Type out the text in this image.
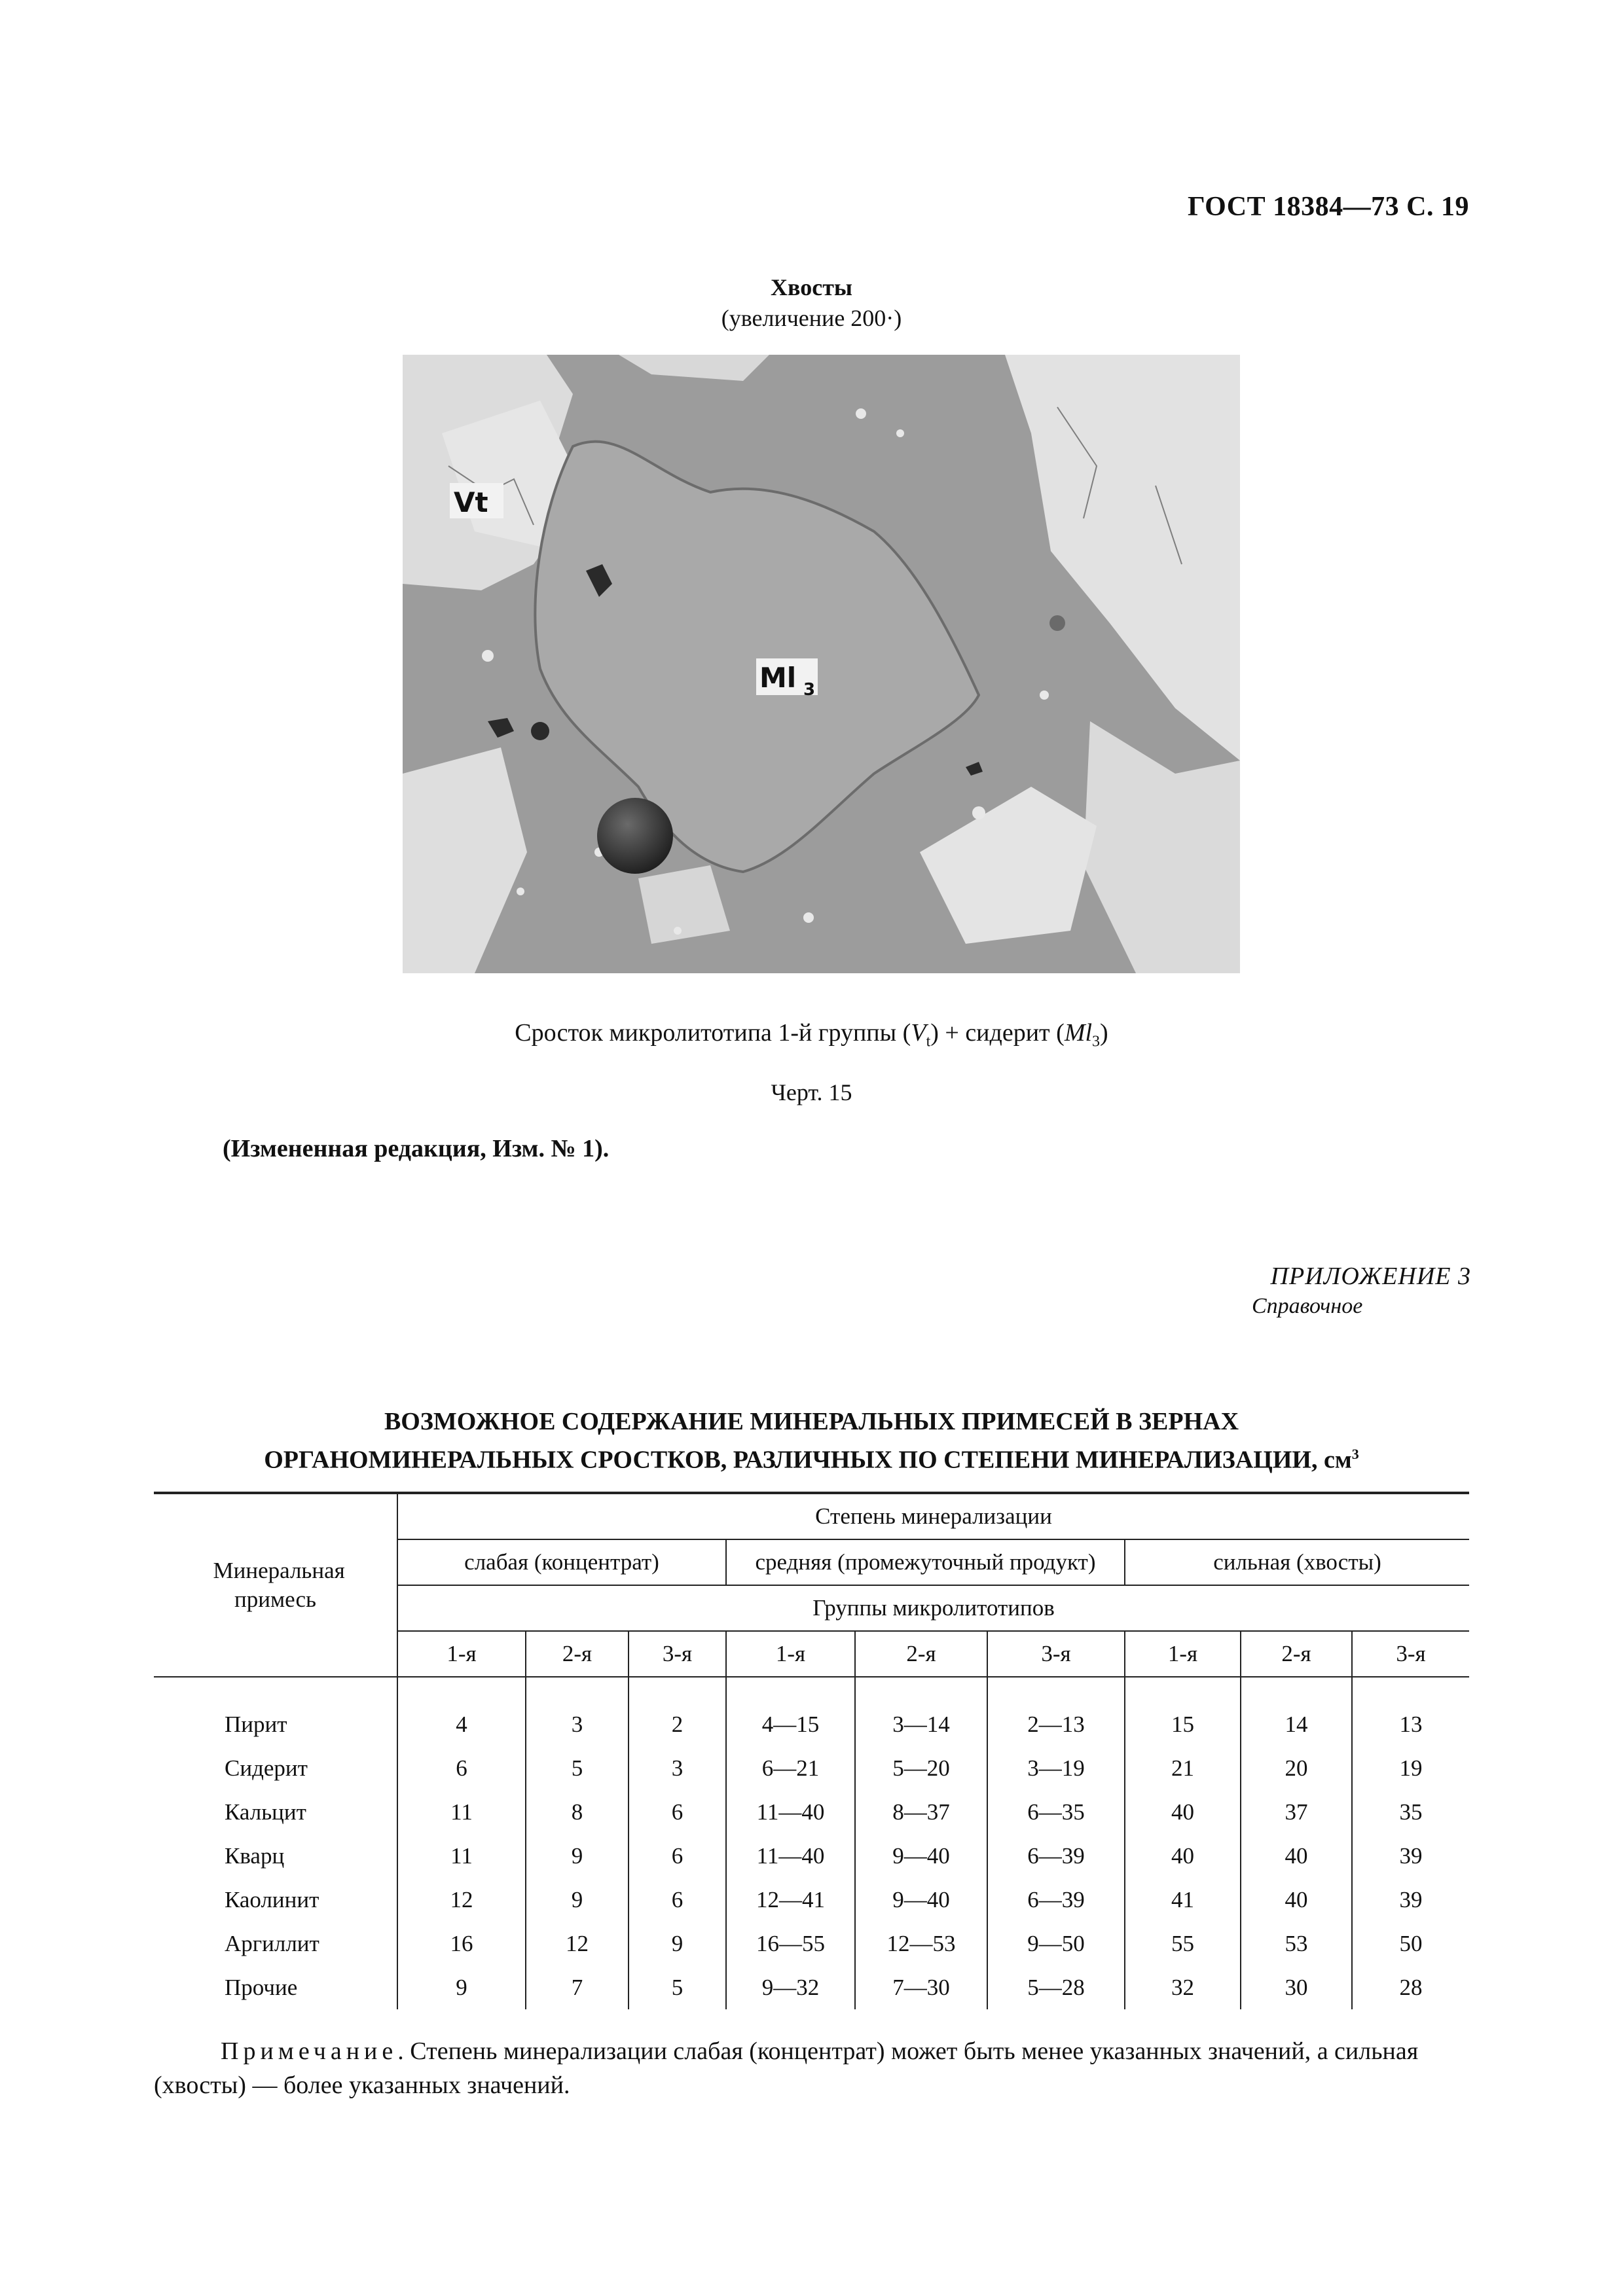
ГОСТ 18384—73 С. 19
Хвосты
(увеличение 200·)
Vt
Ml 3
Сросток микролитотипа 1-й группы $(V_t)$ + сидерит $(Ml_3)$
Черт. 15
(Измененная редакция, Изм. № 1).
ПРИЛОЖЕНИЕ 3
Справочное
ВОЗМОЖНОЕ СОДЕРЖАНИЕ МИНЕРАЛЬНЫХ ПРИМЕСЕЙ В ЗЕРНАХ
ОРГАНОМИНЕРАЛЬНЫХ СРОСТКОВ, РАЗЛИЧНЫХ ПО СТЕПЕНИ МИНЕРАЛИЗАЦИИ, $см^3$
Минеральная примесь	Степень минерализации								
	слабая (концентрат)			средняя (промежуточный продукт)			сильная (хвосты)		
	Группы микролитотипов								
	1-я	2-я	3-я	1-я	2-я	3-я	1-я	2-я	3-я
Пирит	4	3	2	4—15	3—14	2—13	15	14	13
Сидерит	6	5	3	6—21	5—20	3—19	21	20	19
Кальцит	11	8	6	11—40	8—37	6—35	40	37	35
Кварц	11	9	6	11—40	9—40	6—39	40	40	39
Каолинит	12	9	6	12—41	9—40	6—39	41	40	39
Аргиллит	16	12	9	16—55	12—53	9—50	55	53	50
Прочие	9	7	5	9—32	7—30	5—28	32	30	28
Примечание. Степень минерализации слабая (концентрат) может быть менее указанных значений, а сильная (хвосты) — более указанных значений.
